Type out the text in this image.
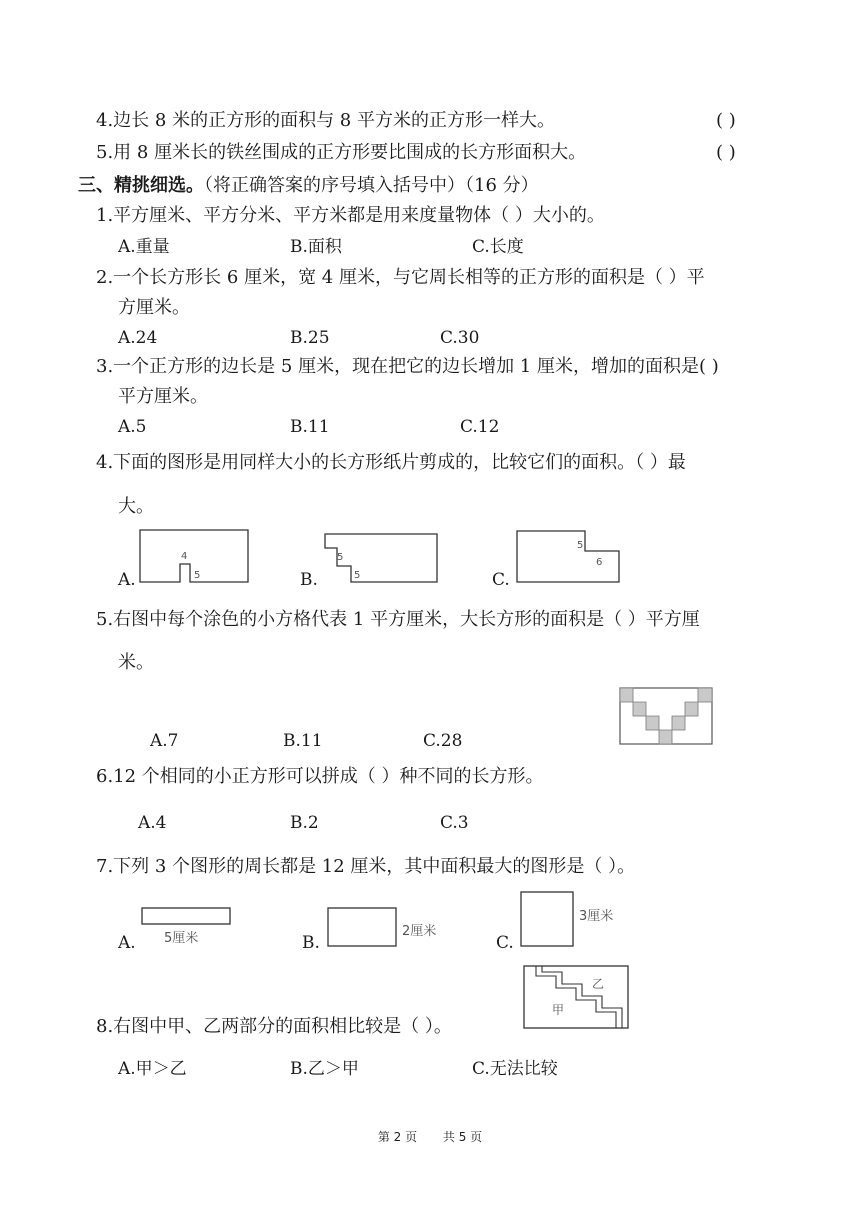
4.边长 8 米的正方形的面积与 8 平方米的正方形一样大。	( )
5.用 8 厘米长的铁丝围成的正方形要比围成的长方形面积大。	( )
三、精挑细选。（将正确答案的序号填入括号中）（16 分）
1.平方厘米、平方分米、平方米都是用来度量物体（ ）大小的。
A.重量	B.面积	C.长度
2.一个长方形长 6 厘米，宽 4 厘米，与它周长相等的正方形的面积是（ ）平
方厘米。
A.24	B.25	C.30
3.一个正方形的边长是 5 厘米，现在把它的边长增加 1 厘米，增加的面积是( )
平方厘米。
A.5	B.11	C.12
4.下面的图形是用同样大小的长方形纸片剪成的，比较它们的面积。（ ）最
大。
A.	B.	C.
4
5
5
5
5
6
5.右图中每个涂色的小方格代表 1 平方厘米，大长方形的面积是（ ）平方厘
米。
A.7	B.11	C.28
6.12 个相同的小正方形可以拼成（ ）种不同的长方形。
A.4	B.2	C.3
7.下列 3 个图形的周长都是 12 厘米，其中面积最大的图形是（ ）。
A.	B.	C.
5厘米	2厘米
3厘米
8.右图中甲、乙两部分的面积相比较是（ ）。
A.甲＞乙	B.乙＞甲	C.无法比较
甲
乙
第 2 页 共 5 页
